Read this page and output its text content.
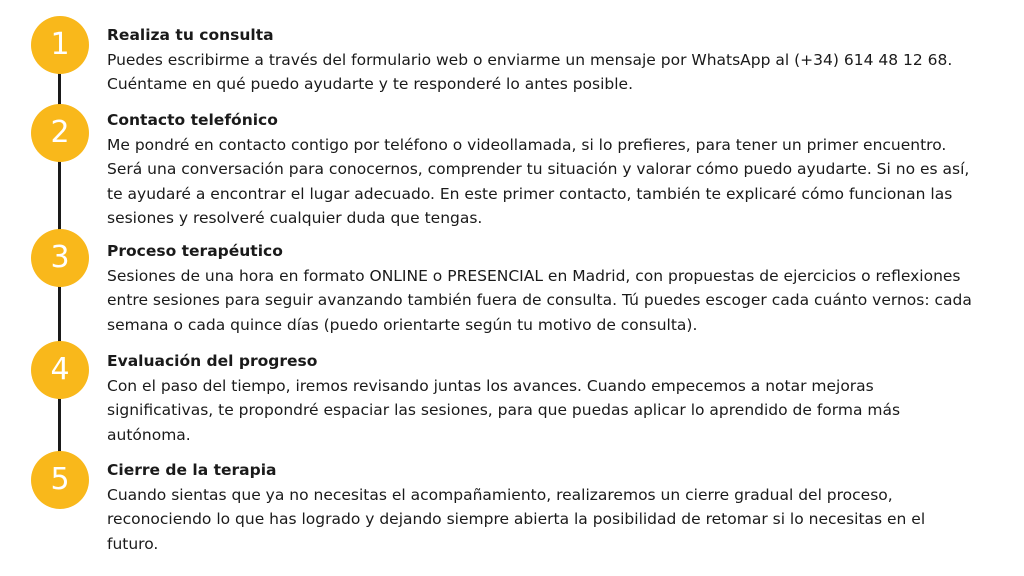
1 Realiza tu consulta
Puedes escribirme a través del formulario web o enviarme un mensaje por WhatsApp al (+34) 614 48 12 68.
Cuéntame en qué puedo ayudarte y te responderé lo antes posible.
2 Contacto telefónico
Me pondré en contacto contigo por teléfono o videollamada, si lo prefieres, para tener un primer encuentro.
Será una conversación para conocernos, comprender tu situación y valorar cómo puedo ayudarte. Si no es así,
te ayudaré a encontrar el lugar adecuado. En este primer contacto, también te explicaré cómo funcionan las
sesiones y resolveré cualquier duda que tengas.
3 Proceso terapéutico
Sesiones de una hora en formato ONLINE o PRESENCIAL en Madrid, con propuestas de ejercicios o reflexiones
entre sesiones para seguir avanzando también fuera de consulta. Tú puedes escoger cada cuánto vernos: cada
semana o cada quince días (puedo orientarte según tu motivo de consulta).
4 Evaluación del progreso
Con el paso del tiempo, iremos revisando juntas los avances. Cuando empecemos a notar mejoras
significativas, te propondré espaciar las sesiones, para que puedas aplicar lo aprendido de forma más
autónoma.
5 Cierre de la terapia
Cuando sientas que ya no necesitas el acompañamiento, realizaremos un cierre gradual del proceso,
reconociendo lo que has logrado y dejando siempre abierta la posibilidad de retomar si lo necesitas en el
futuro.
